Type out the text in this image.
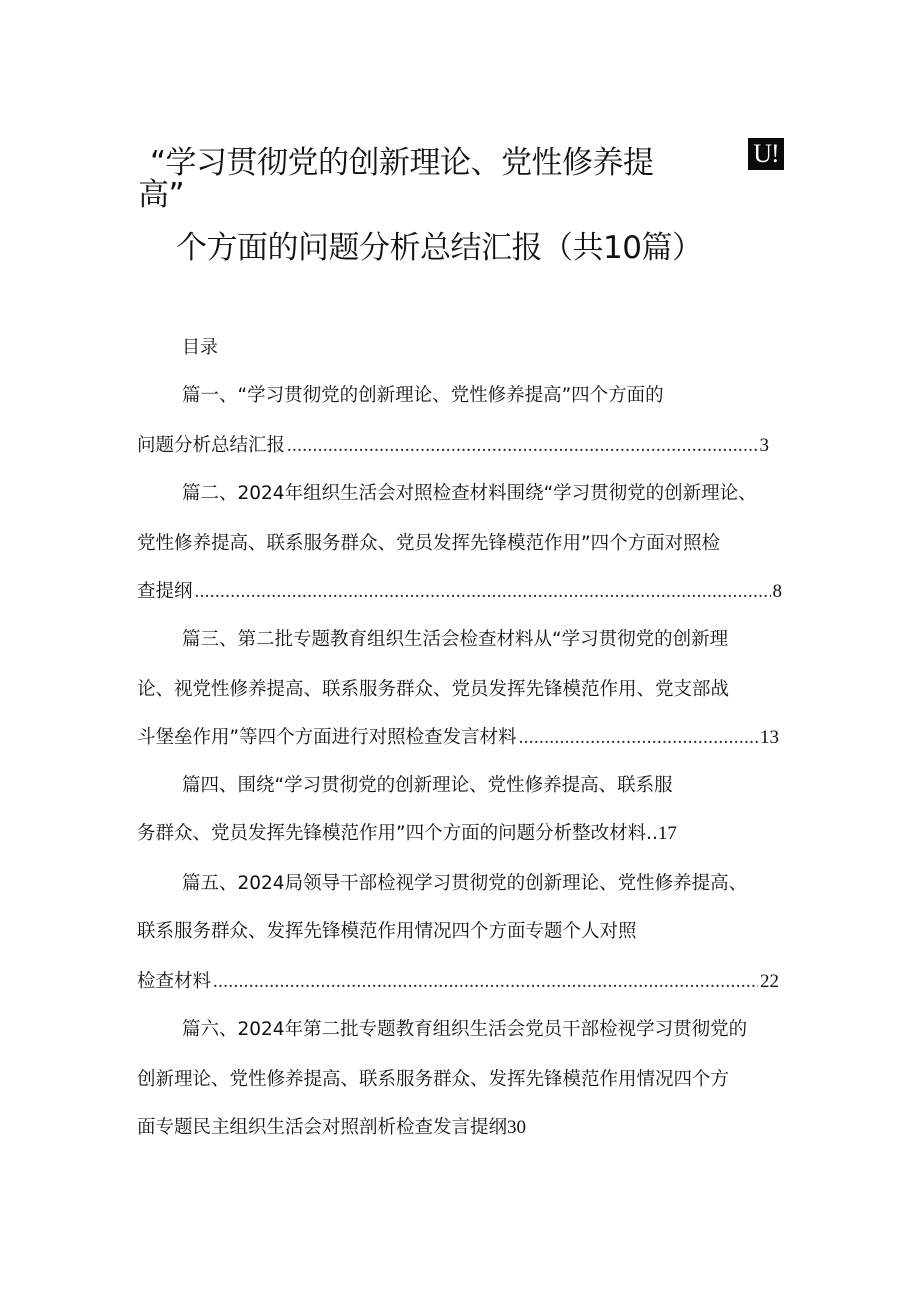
U!
“学习贯彻党的创新理论、党性修养提
高”
个方面的问题分析总结汇报（共10篇）
目录
篇一、“学习贯彻党的创新理论、党性修养提高”四个方面的
问题分析总结汇报 .....	3
篇二、2024年组织生活会对照检查材料围绕“学习贯彻党的创新理论、
党性修养提高、联系服务群众、党员发挥先锋模范作用”四个方面对照检
查提纲 .....	8
篇三、第二批专题教育组织生活会检查材料从“学习贯彻党的创新理
论、视党性修养提高、联系服务群众、党员发挥先锋模范作用、党支部战
斗堡垒作用”等四个方面进行对照检查发言材料 .....	13
篇四、围绕“学习贯彻党的创新理论、党性修养提高、联系服
务群众、党员发挥先锋模范作用”四个方面的问题分析整改材料..17
篇五、2024局领导干部检视学习贯彻党的创新理论、党性修养提高、
联系服务群众、发挥先锋模范作用情况四个方面专题个人对照
检查材料 .....	22
篇六、2024年第二批专题教育组织生活会党员干部检视学习贯彻党的
创新理论、党性修养提高、联系服务群众、发挥先锋模范作用情况四个方
面专题民主组织生活会对照剖析检查发言提纲30
